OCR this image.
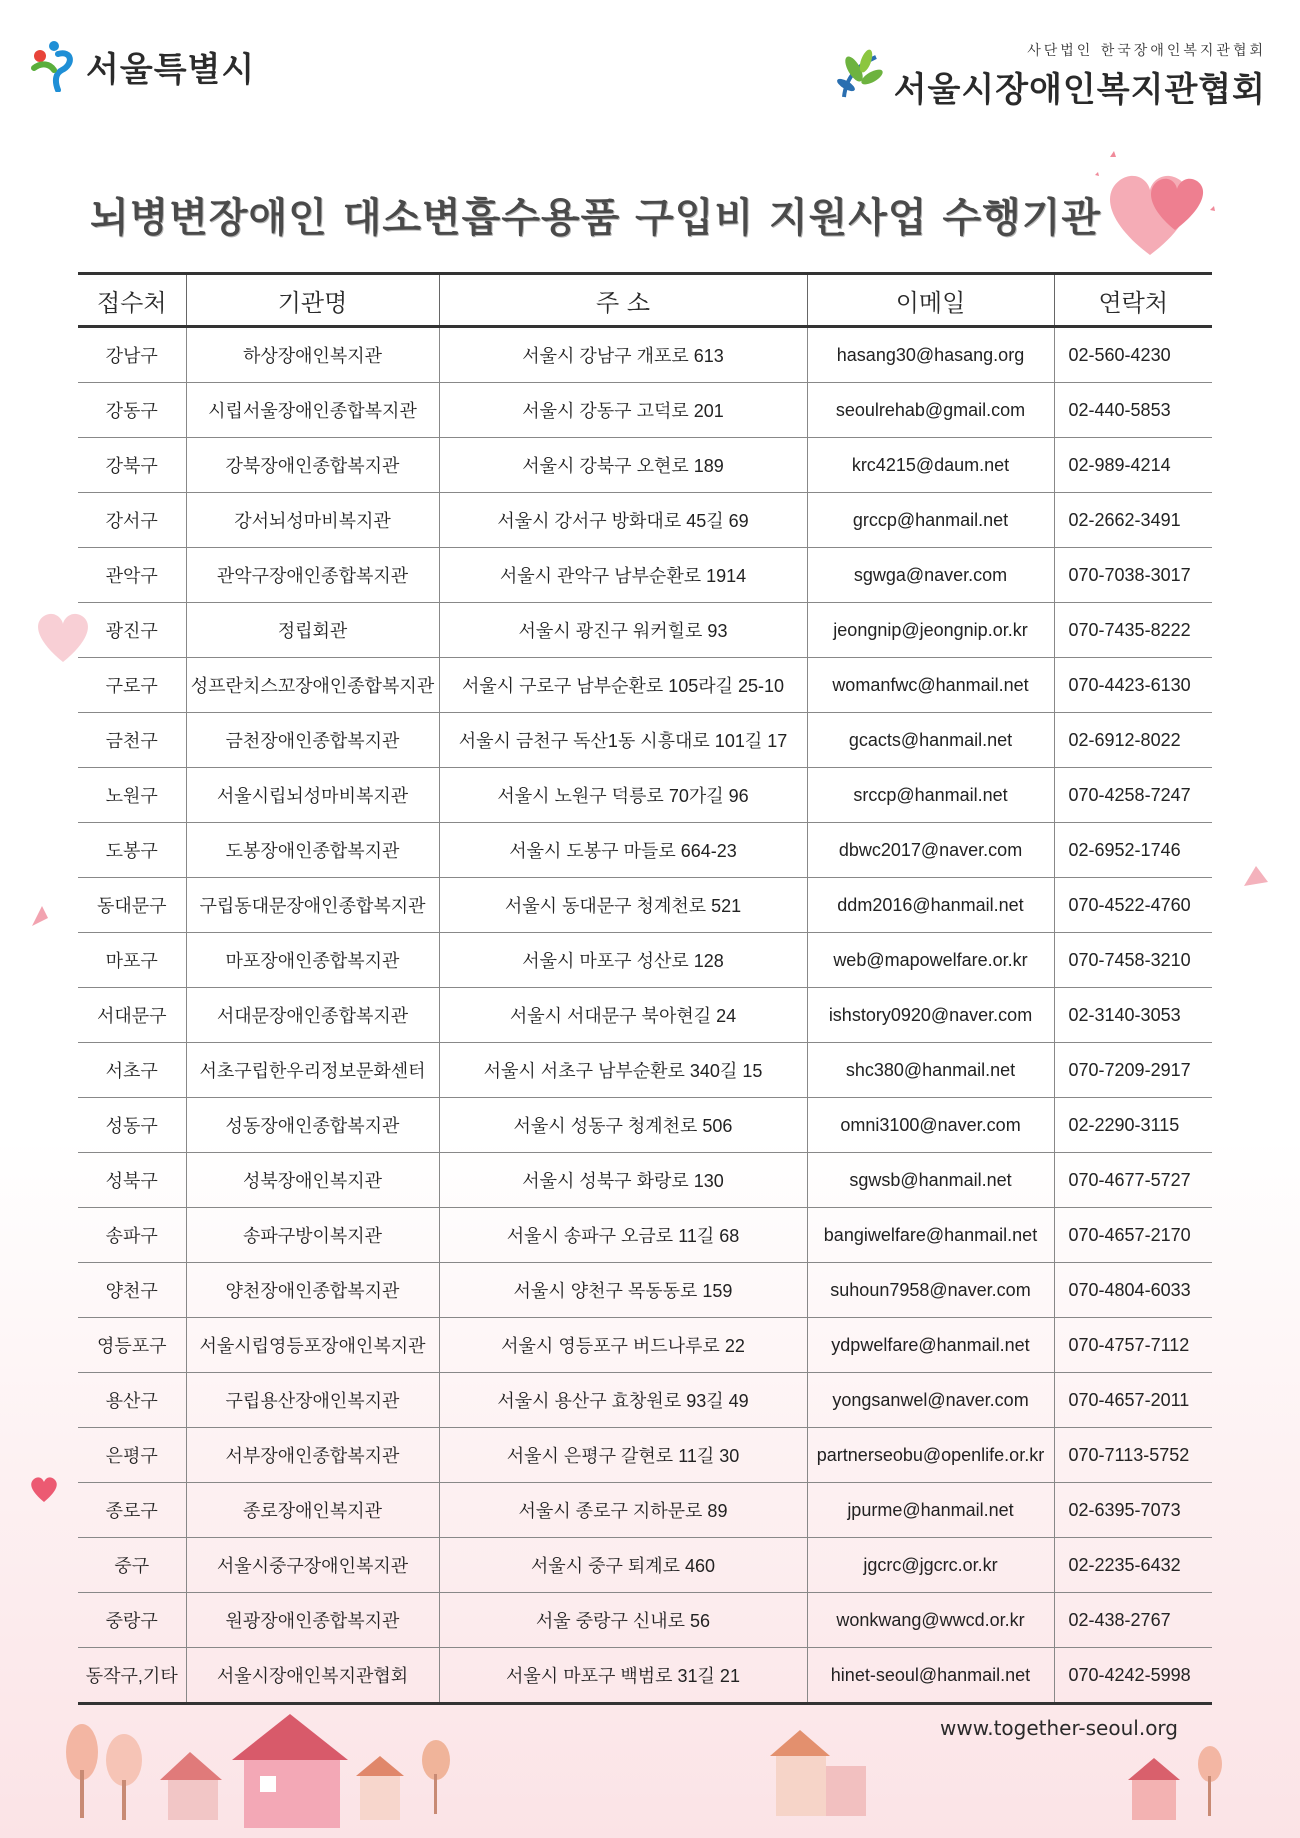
서울특별시	사단법인 한국장애인복지관협회
서울시장애인복지관협회
뇌병변장애인 대소변흡수용품 구입비 지원사업 수행기관
접수처	기관명	주 소	이메일	연락처
강남구	하상장애인복지관	서울시 강남구 개포로 613	hasang30@hasang.org	02-560-4230
강동구	시립서울장애인종합복지관	서울시 강동구 고덕로 201	seoulrehab@gmail.com	02-440-5853
강북구	강북장애인종합복지관	서울시 강북구 오현로 189	krc4215@daum.net	02-989-4214
강서구	강서뇌성마비복지관	서울시 강서구 방화대로 45길 69	grccp@hanmail.net	02-2662-3491
관악구	관악구장애인종합복지관	서울시 관악구 남부순환로 1914	sgwga@naver.com	070-7038-3017
광진구	정립회관	서울시 광진구 워커힐로 93	jeongnip@jeongnip.or.kr	070-7435-8222
구로구	성프란치스꼬장애인종합복지관	서울시 구로구 남부순환로 105라길 25-10	womanfwc@hanmail.net	070-4423-6130
금천구	금천장애인종합복지관	서울시 금천구 독산1동 시흥대로 101길 17	gcacts@hanmail.net	02-6912-8022
노원구	서울시립뇌성마비복지관	서울시 노원구 덕릉로 70가길 96	srccp@hanmail.net	070-4258-7247
도봉구	도봉장애인종합복지관	서울시 도봉구 마들로 664-23	dbwc2017@naver.com	02-6952-1746
동대문구	구립동대문장애인종합복지관	서울시 동대문구 청계천로 521	ddm2016@hanmail.net	070-4522-4760
마포구	마포장애인종합복지관	서울시 마포구 성산로 128	web@mapowelfare.or.kr	070-7458-3210
서대문구	서대문장애인종합복지관	서울시 서대문구 북아현길 24	ishstory0920@naver.com	02-3140-3053
서초구	서초구립한우리정보문화센터	서울시 서초구 남부순환로 340길 15	shc380@hanmail.net	070-7209-2917
성동구	성동장애인종합복지관	서울시 성동구 청계천로 506	omni3100@naver.com	02-2290-3115
성북구	성북장애인복지관	서울시 성북구 화랑로 130	sgwsb@hanmail.net	070-4677-5727
송파구	송파구방이복지관	서울시 송파구 오금로 11길 68	bangiwelfare@hanmail.net	070-4657-2170
양천구	양천장애인종합복지관	서울시 양천구 목동동로 159	suhoun7958@naver.com	070-4804-6033
영등포구	서울시립영등포장애인복지관	서울시 영등포구 버드나루로 22	ydpwelfare@hanmail.net	070-4757-7112
용산구	구립용산장애인복지관	서울시 용산구 효창원로 93길 49	yongsanwel@naver.com	070-4657-2011
은평구	서부장애인종합복지관	서울시 은평구 갈현로 11길 30	partnerseobu@openlife.or.kr	070-7113-5752
종로구	종로장애인복지관	서울시 종로구 지하문로 89	jpurme@hanmail.net	02-6395-7073
중구	서울시중구장애인복지관	서울시 중구 퇴계로 460	jgcrc@jgcrc.or.kr	02-2235-6432
중랑구	원광장애인종합복지관	서울 중랑구 신내로 56	wonkwang@wwcd.or.kr	02-438-2767
동작구,기타	서울시장애인복지관협회	서울시 마포구 백범로 31길 21	hinet-seoul@hanmail.net	070-4242-5998
www.together-seoul.org
